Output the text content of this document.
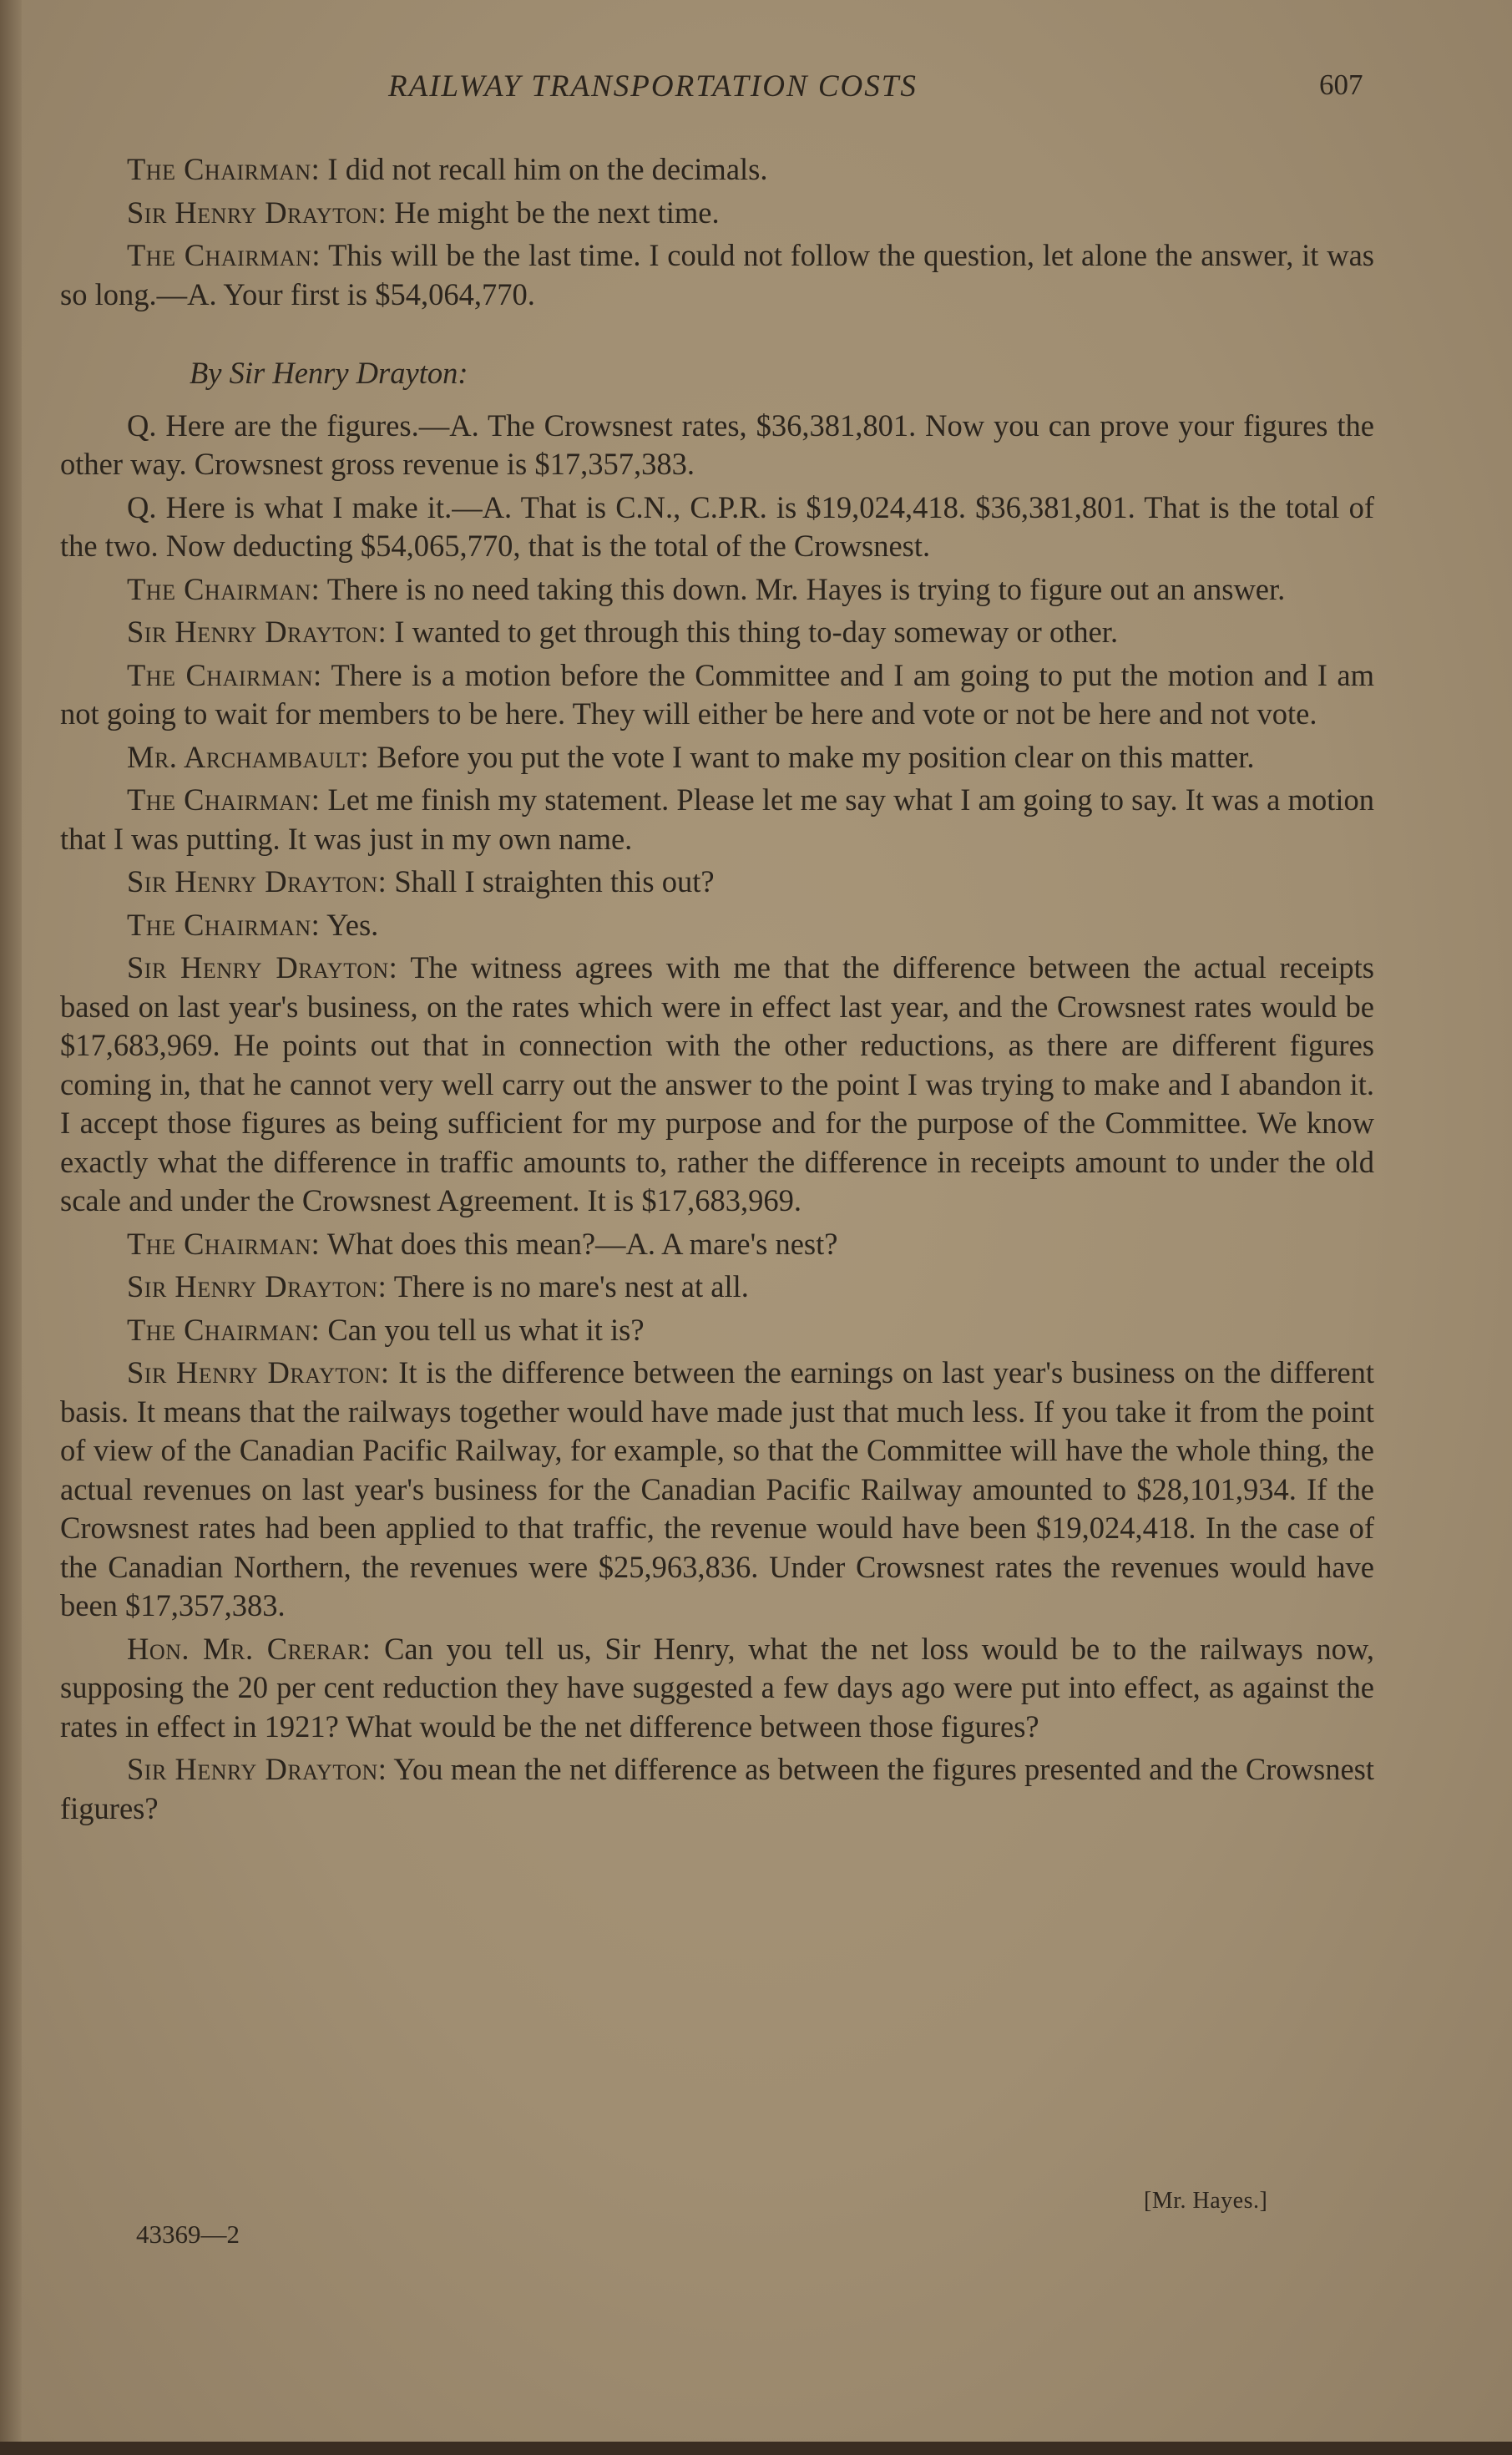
RAILWAY TRANSPORTATION COSTS	607

The Chairman: I did not recall him on the decimals.

Sir Henry Drayton: He might be the next time.

The Chairman: This will be the last time. I could not follow the question, let alone the answer, it was so long.—A. Your first is $54,064,770.

By Sir Henry Drayton:

Q. Here are the figures.—A. The Crowsnest rates, $36,381,801. Now you can prove your figures the other way. Crowsnest gross revenue is $17,357,383.

Q. Here is what I make it.—A. That is C.N., C.P.R. is $19,024,418. $36,381,801. That is the total of the two. Now deducting $54,065,770, that is the total of the Crowsnest.

The Chairman: There is no need taking this down. Mr. Hayes is trying to figure out an answer.

Sir Henry Drayton: I wanted to get through this thing to-day someway or other.

The Chairman: There is a motion before the Committee and I am going to put the motion and I am not going to wait for members to be here. They will either be here and vote or not be here and not vote.

Mr. Archambault: Before you put the vote I want to make my position clear on this matter.

The Chairman: Let me finish my statement. Please let me say what I am going to say. It was a motion that I was putting. It was just in my own name.

Sir Henry Drayton: Shall I straighten this out?

The Chairman: Yes.

Sir Henry Drayton: The witness agrees with me that the difference between the actual receipts based on last year's business, on the rates which were in effect last year, and the Crowsnest rates would be $17,683,969. He points out that in connection with the other reductions, as there are different figures coming in, that he cannot very well carry out the answer to the point I was trying to make and I abandon it. I accept those figures as being sufficient for my purpose and for the purpose of the Committee. We know exactly what the difference in traffic amounts to, rather the difference in receipts amount to under the old scale and under the Crowsnest Agreement. It is $17,683,969.

The Chairman: What does this mean?—A. A mare's nest?

Sir Henry Drayton: There is no mare's nest at all.

The Chairman: Can you tell us what it is?

Sir Henry Drayton: It is the difference between the earnings on last year's business on the different basis. It means that the railways together would have made just that much less. If you take it from the point of view of the Canadian Pacific Railway, for example, so that the Committee will have the whole thing, the actual revenues on last year's business for the Canadian Pacific Railway amounted to $28,101,934. If the Crowsnest rates had been applied to that traffic, the revenue would have been $19,024,418. In the case of the Canadian Northern, the revenues were $25,963,836. Under Crowsnest rates the revenues would have been $17,357,383.

Hon. Mr. Crerar: Can you tell us, Sir Henry, what the net loss would be to the railways now, supposing the 20 per cent reduction they have suggested a few days ago were put into effect, as against the rates in effect in 1921? What would be the net difference between those figures?

Sir Henry Drayton: You mean the net difference as between the figures presented and the Crowsnest figures?

[Mr. Hayes.]
43369—2
